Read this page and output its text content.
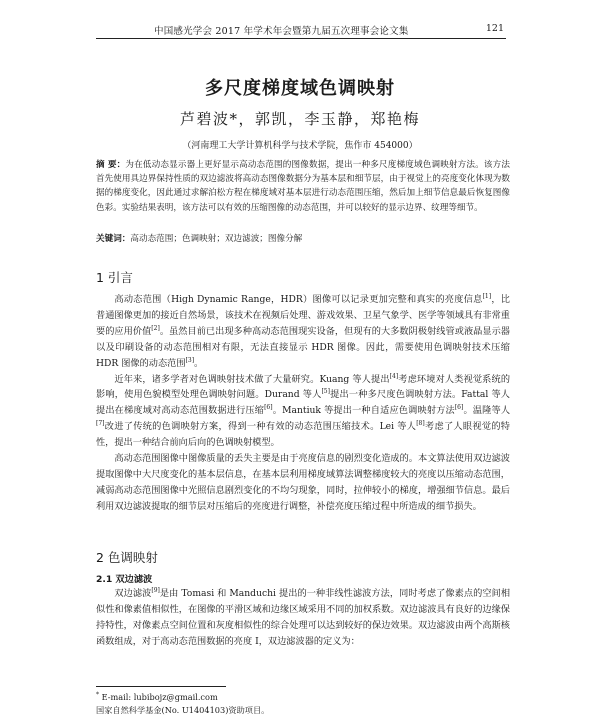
中国感光学会 2017 年学术年会暨第九届五次理事会论文集	121
多尺度梯度域色调映射
芦碧波*，郭凯，李玉静，郑艳梅
（河南理工大学计算机科学与技术学院，焦作市 454000）
摘 要：为在低动态显示器上更好显示高动态范围的图像数据，提出一种多尺度梯度域色调映射方法。该方法首先使用具边界保持性质的双边滤波将高动态图像数据分为基本层和细节层，由于视觉上的亮度变化体现为数据的梯度变化，因此通过求解泊松方程在梯度域对基本层进行动态范围压缩，然后加上细节信息最后恢复图像色彩。实验结果表明，该方法可以有效的压缩图像的动态范围，并可以较好的显示边界、纹理等细节。
关键词：高动态范围；色调映射；双边滤波；图像分解
1 引言

高动态范围（High Dynamic Range，HDR）图像可以记录更加完整和真实的亮度信息[1]，比普通图像更加的接近自然场景，该技术在视频后处理、游戏效果、卫星气象学、医学等领域具有非常重要的应用价值[2]。虽然目前已出现多种高动态范围现实设备，但现有的大多数阴极射线管或液晶显示器以及印刷设备的动态范围相对有限，无法直接显示 HDR 图像。因此，需要使用色调映射技术压缩 HDR 图像的动态范围[3]。

近年来，诸多学者对色调映射技术做了大量研究。Kuang 等人提出[4]考虑环境对人类视觉系统的影响，使用色貌模型处理色调映射问题。Durand 等人[5]提出一种多尺度色调映射方法。Fattal 等人提出在梯度域对高动态范围数据进行压缩[6]。Mantiuk 等提出一种自适应色调映射方法[6]。温隆等人[7]改进了传统的色调映射方案，得到一种有效的动态范围压缩技术。Lei 等人[8]考虑了人眼视觉的特性，提出一种结合前向后向的色调映射模型。

高动态范围图像中图像质量的丢失主要是由于亮度信息的剧烈变化造成的。本文算法使用双边滤波提取图像中大尺度变化的基本层信息，在基本层利用梯度域算法调整梯度较大的亮度以压缩动态范围，减弱高动态范围图像中光照信息剧烈变化的不均匀现象，同时，拉伸较小的梯度，增强细节信息。最后利用双边滤波提取的细节层对压缩后的亮度进行调整，补偿亮度压缩过程中所造成的细节损失。

2 色调映射
2.1 双边滤波

双边滤波[9]是由 Tomasi 和 Manduchi 提出的一种非线性滤波方法，同时考虑了像素点的空间相似性和像素值相似性，在图像的平滑区域和边缘区域采用不同的加权系数。双边滤波具有良好的边缘保持特性，对像素点空间位置和灰度相似性的综合处理可以达到较好的保边效果。双边滤波由两个高斯核函数组成，对于高动态范围数据的亮度 I，双边滤波器的定义为：

* E-mail: lubibojz@gmail.com
国家自然科学基金(No. U1404103)资助项目。
